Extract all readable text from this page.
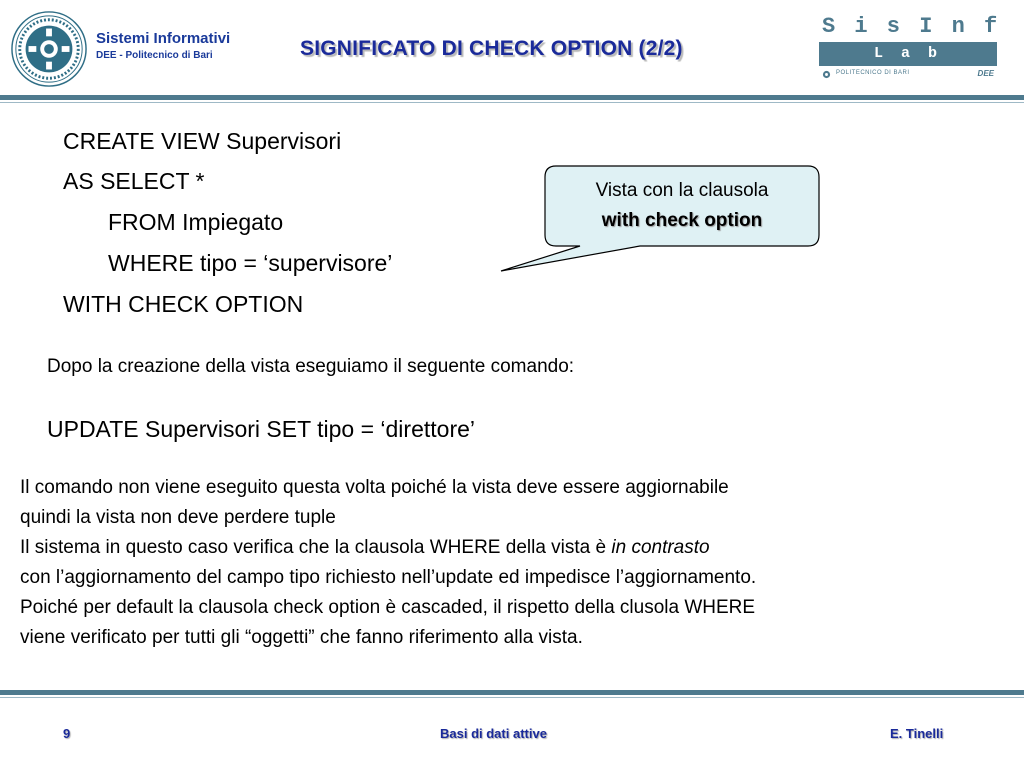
Sistemi Informativi
DEE - Politecnico di Bari	SIGNIFICATO DI CHECK OPTION (2/2)
S i s I n f
L  a  b
POLITECNICO DI BARI	DEE
CREATE VIEW Supervisori
AS SELECT *
FROM Impiegato
WHERE tipo = ‘supervisore’
WITH CHECK OPTION
Vista con la clausola
with check option
Dopo la creazione della vista eseguiamo il seguente comando:
UPDATE Supervisori SET tipo = ‘direttore’
Il comando non viene eseguito questa volta poiché la vista deve essere aggiornabile
quindi la vista non deve perdere tuple
Il sistema in questo caso verifica che la clausola WHERE della vista è in contrasto
con l’aggiornamento del campo tipo richiesto nell’update ed impedisce l’aggiornamento.
Poiché per default la clausola check option è cascaded, il rispetto della clusola WHERE
viene verificato per tutti gli “oggetti” che fanno riferimento alla vista.
9	Basi di dati attive	E. Tinelli
